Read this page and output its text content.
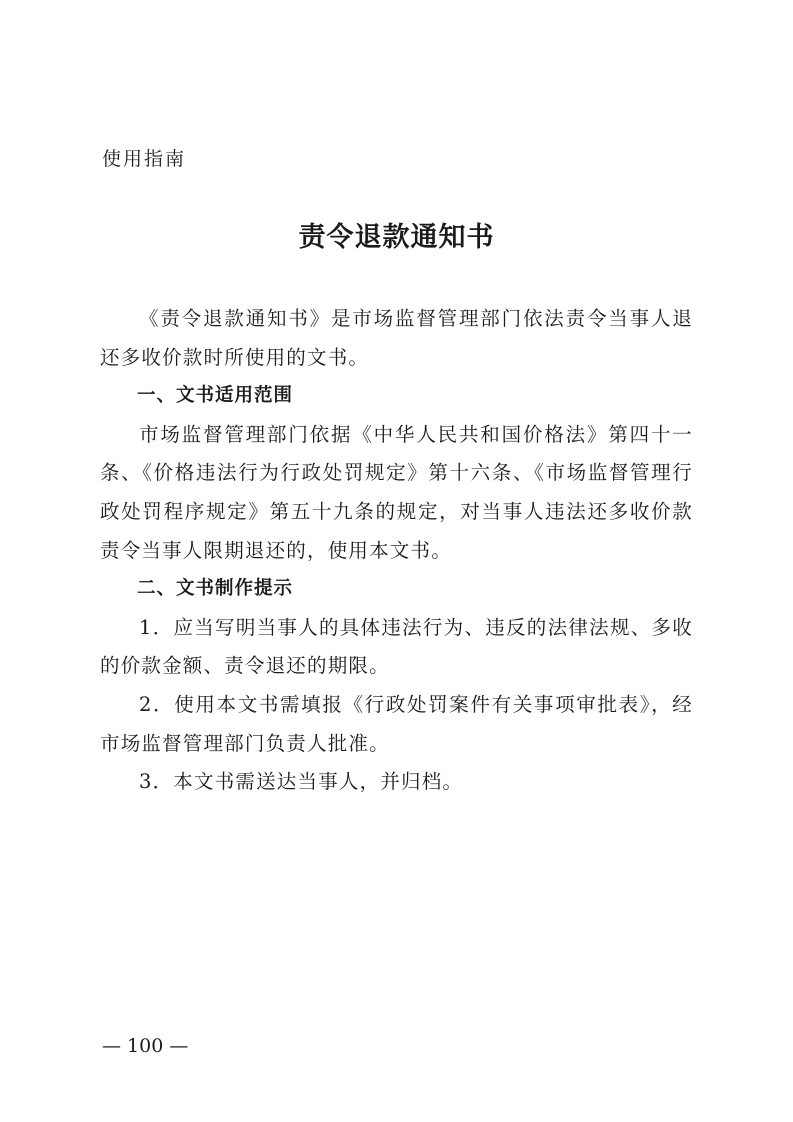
使用指南
责令退款通知书

《责令退款通知书》是市场监督管理部门依法责令当事人退还多收价款时所使用的文书。

一、文书适用范围

市场监督管理部门依据《中华人民共和国价格法》第四十一条、《价格违法行为行政处罚规定》第十六条、《市场监督管理行政处罚程序规定》第五十九条的规定，对当事人违法还多收价款责令当事人限期退还的，使用本文书。

二、文书制作提示

1．应当写明当事人的具体违法行为、违反的法律法规、多收的价款金额、责令退还的期限。

2．使用本文书需填报《行政处罚案件有关事项审批表》，经市场监督管理部门负责人批准。

3．本文书需送达当事人，并归档。

— 100 —
